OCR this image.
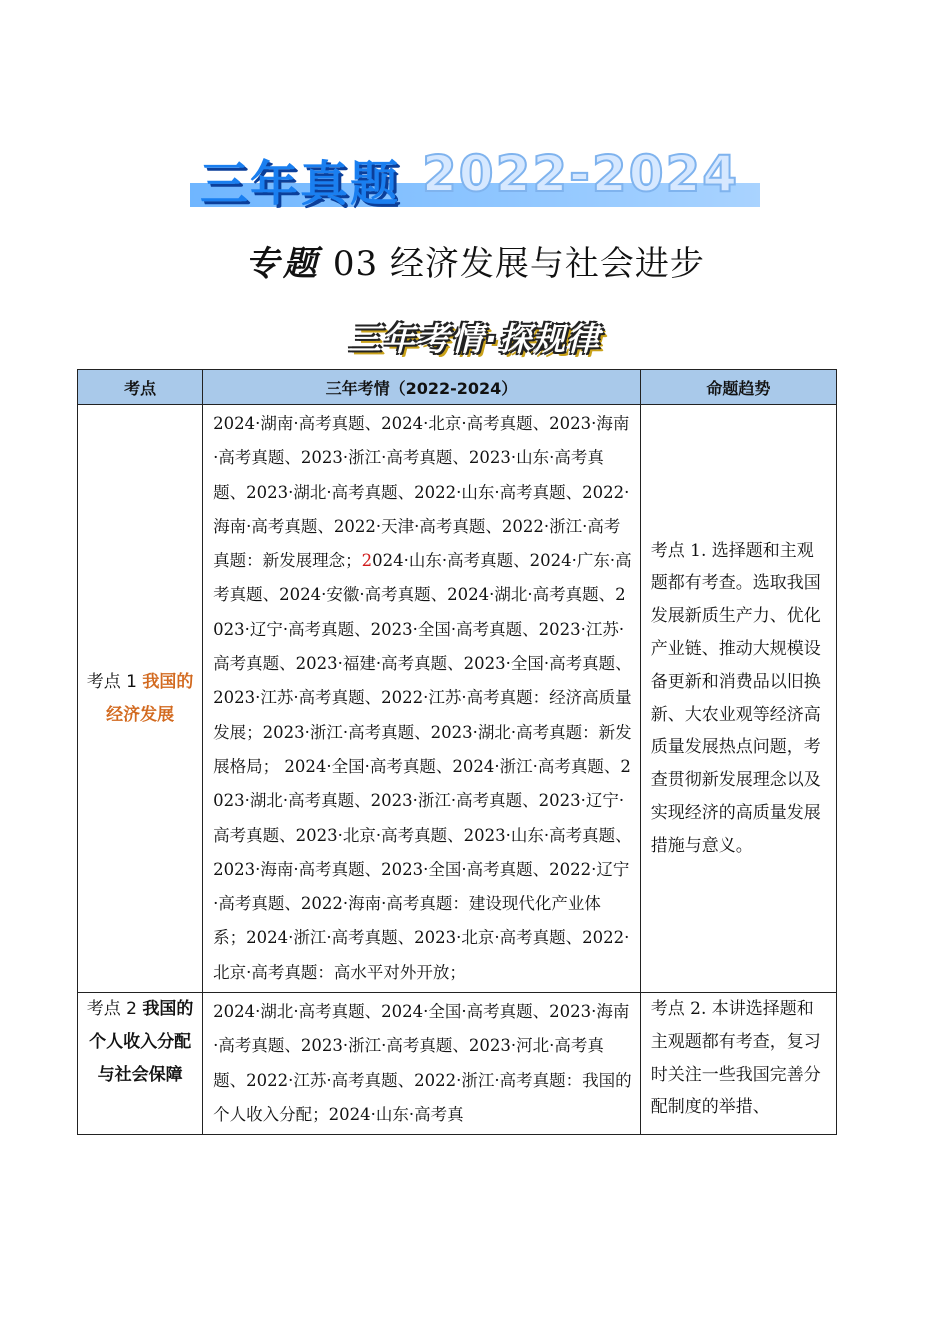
三年真题 2022-2024
专题 03 经济发展与社会进步
三年考情·探规律
考点	三年考情（2022-2024）	命题趋势
考点 1 我国的经济发展	2024·湖南·高考真题、2024·北京·高考真题、2023·海南·高考真题、2023·浙江·高考真题、2023·山东·高考真题、2023·湖北·高考真题、2022·山东·高考真题、2022·海南·高考真题、2022·天津·高考真题、2022·浙江·高考真题：新发展理念；2024·山东·高考真题、2024·广东·高考真题、2024·安徽·高考真题、2024·湖北·高考真题、2023·辽宁·高考真题、2023·全国·高考真题、2023·江苏·高考真题、2023·福建·高考真题、2023·全国·高考真题、2023·江苏·高考真题、2022·江苏·高考真题：经济高质量发展；2023·浙江·高考真题、2023·湖北·高考真题：新发展格局； 2024·全国·高考真题、2024·浙江·高考真题、2023·湖北·高考真题、2023·浙江·高考真题、2023·辽宁·高考真题、2023·北京·高考真题、2023·山东·高考真题、2023·海南·高考真题、2023·全国·高考真题、2022·辽宁·高考真题、2022·海南·高考真题：建设现代化产业体系；2024·浙江·高考真题、2023·北京·高考真题、2022·北京·高考真题：高水平对外开放；	考点 1. 选择题和主观题都有考查。选取我国发展新质生产力、优化产业链、推动大规模设备更新和消费品以旧换新、大农业观等经济高质量发展热点问题，考查贯彻新发展理念以及实现经济的高质量发展措施与意义。
考点 2 我国的个人收入分配与社会保障	2024·湖北·高考真题、2024·全国·高考真题、2023·海南·高考真题、2023·浙江·高考真题、2023·河北·高考真题、2022·江苏·高考真题、2022·浙江·高考真题：我国的个人收入分配；2024·山东·高考真	考点 2. 本讲选择题和主观题都有考查，复习时关注一些我国完善分配制度的举措、
